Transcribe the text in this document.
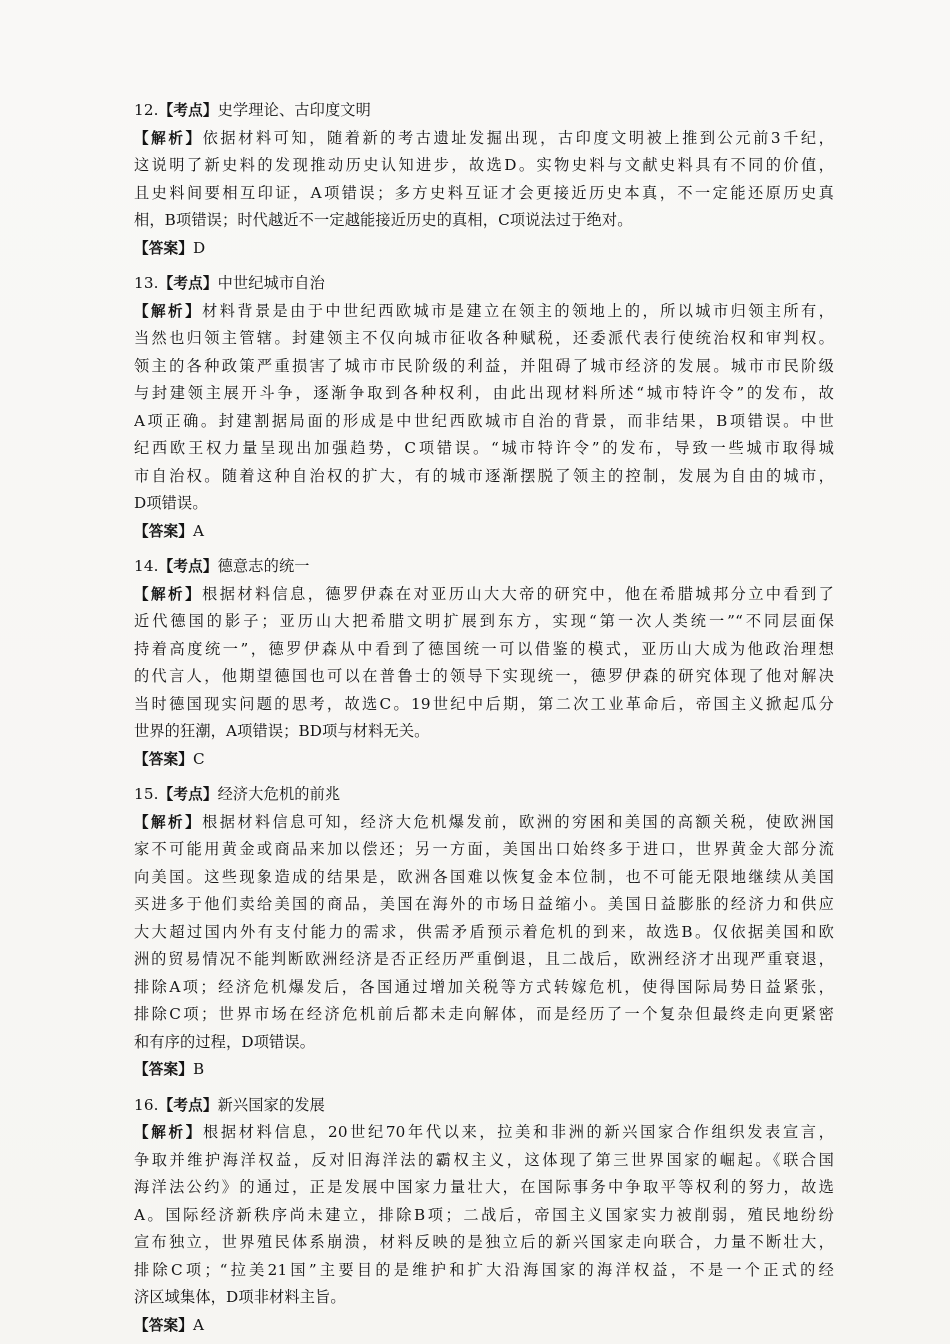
12.【考点】史学理论、古印度文明
【解析】依据材料可知，随着新的考古遗址发掘出现，古印度文明被上推到公元前3千纪，
这说明了新史料的发现推动历史认知进步，故选D。实物史料与文献史料具有不同的价值，
且史料间要相互印证，A项错误；多方史料互证才会更接近历史本真，不一定能还原历史真
相，B项错误；时代越近不一定越能接近历史的真相，C项说法过于绝对。
【答案】D
13.【考点】中世纪城市自治
【解析】材料背景是由于中世纪西欧城市是建立在领主的领地上的，所以城市归领主所有，
当然也归领主管辖。封建领主不仅向城市征收各种赋税，还委派代表行使统治权和审判权。
领主的各种政策严重损害了城市市民阶级的利益，并阻碍了城市经济的发展。城市市民阶级
与封建领主展开斗争，逐渐争取到各种权利，由此出现材料所述“城市特许令”的发布，故
A项正确。封建割据局面的形成是中世纪西欧城市自治的背景，而非结果，B项错误。中世
纪西欧王权力量呈现出加强趋势，C项错误。“城市特许令”的发布，导致一些城市取得城
市自治权。随着这种自治权的扩大，有的城市逐渐摆脱了领主的控制，发展为自由的城市，
D项错误。
【答案】A
14.【考点】德意志的统一
【解析】根据材料信息，德罗伊森在对亚历山大大帝的研究中，他在希腊城邦分立中看到了
近代德国的影子；亚历山大把希腊文明扩展到东方，实现“第一次人类统一”“不同层面保
持着高度统一”，德罗伊森从中看到了德国统一可以借鉴的模式，亚历山大成为他政治理想
的代言人，他期望德国也可以在普鲁士的领导下实现统一，德罗伊森的研究体现了他对解决
当时德国现实问题的思考，故选C。19世纪中后期，第二次工业革命后，帝国主义掀起瓜分
世界的狂潮，A项错误；BD项与材料无关。
【答案】C
15.【考点】经济大危机的前兆
【解析】根据材料信息可知，经济大危机爆发前，欧洲的穷困和美国的高额关税，使欧洲国
家不可能用黄金或商品来加以偿还；另一方面，美国出口始终多于进口，世界黄金大部分流
向美国。这些现象造成的结果是，欧洲各国难以恢复金本位制，也不可能无限地继续从美国
买进多于他们卖给美国的商品，美国在海外的市场日益缩小。美国日益膨胀的经济力和供应
大大超过国内外有支付能力的需求，供需矛盾预示着危机的到来，故选B。仅依据美国和欧
洲的贸易情况不能判断欧洲经济是否正经历严重倒退，且二战后，欧洲经济才出现严重衰退，
排除A项；经济危机爆发后，各国通过增加关税等方式转嫁危机，使得国际局势日益紧张，
排除C项；世界市场在经济危机前后都未走向解体，而是经历了一个复杂但最终走向更紧密
和有序的过程，D项错误。
【答案】B
16.【考点】新兴国家的发展
【解析】根据材料信息，20世纪70年代以来，拉美和非洲的新兴国家合作组织发表宣言，
争取并维护海洋权益，反对旧海洋法的霸权主义，这体现了第三世界国家的崛起。《联合国
海洋法公约》的通过，正是发展中国家力量壮大，在国际事务中争取平等权利的努力，故选
A。国际经济新秩序尚未建立，排除B项；二战后，帝国主义国家实力被削弱，殖民地纷纷
宣布独立，世界殖民体系崩溃，材料反映的是独立后的新兴国家走向联合，力量不断壮大，
排除C项；“拉美21国”主要目的是维护和扩大沿海国家的海洋权益，不是一个正式的经
济区域集体，D项非材料主旨。
【答案】A
